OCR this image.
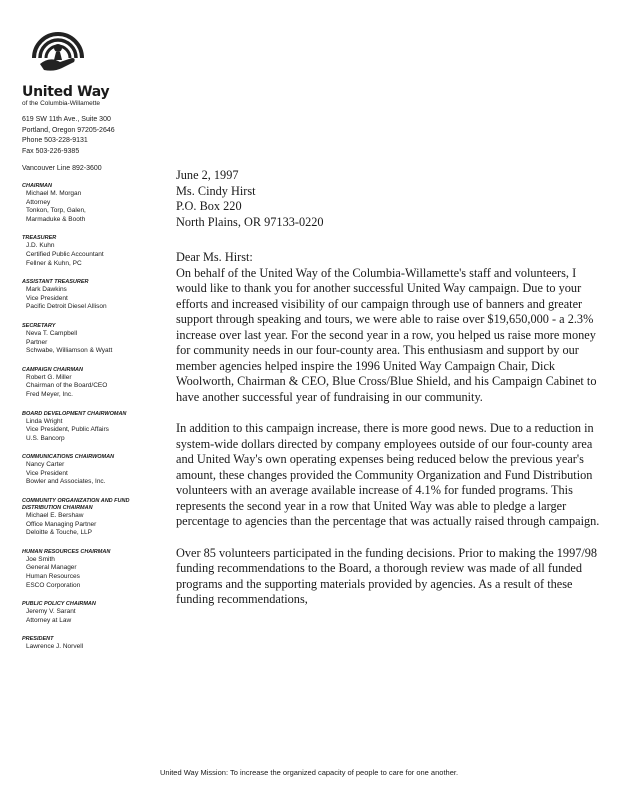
United Way
of the Columbia-Willamette
619 SW 11th Ave., Suite 300
Portland, Oregon 97205-2646
Phone 503-228-9131
Fax 503-226-9385
Vancouver Line 892-3600
CHAIRMAN
Michael M. Morgan
Attorney
Tonkon, Torp, Galen,
Marmaduke & Booth
TREASURER
J.D. Kuhn
Certified Public Accountant
Fellner & Kuhn, PC
ASSISTANT TREASURER
Mark Dawkins
Vice President
Pacific Detroit Diesel Allison
SECRETARY
Neva T. Campbell
Partner
Schwabe, Williamson & Wyatt
CAMPAIGN CHAIRMAN
Robert G. Miller
Chairman of the Board/CEO
Fred Meyer, Inc.
BOARD DEVELOPMENT CHAIRWOMAN
Linda Wright
Vice President, Public Affairs
U.S. Bancorp
COMMUNICATIONS CHAIRWOMAN
Nancy Carter
Vice President
Bowler and Associates, Inc.
COMMUNITY ORGANIZATION AND FUND DISTRIBUTION CHAIRMAN
Michael E. Bershaw
Office Managing Partner
Deloitte & Touche, LLP
HUMAN RESOURCES CHAIRMAN
Joe Smith
General Manager
Human Resources
ESCO Corporation
PUBLIC POLICY CHAIRMAN
Jeremy V. Sarant
Attorney at Law
PRESIDENT
Lawrence J. Norvell

June 2, 1997

Ms. Cindy Hirst

P.O. Box 220

North Plains, OR 97133-0220

Dear Ms. Hirst:

On behalf of the United Way of the Columbia-Willamette's staff and volunteers, I would like to thank you for another successful United Way campaign. Due to your efforts and increased visibility of our campaign through use of banners and greater support through speaking and tours, we were able to raise over $19,650,000 - a 2.3% increase over last year. For the second year in a row, you helped us raise more money for community needs in our four-county area. This enthusiasm and support by our member agencies helped inspire the 1996 United Way Campaign Chair, Dick Woolworth, Chairman & CEO, Blue Cross/Blue Shield, and his Campaign Cabinet to have another successful year of fundraising in our community.

In addition to this campaign increase, there is more good news. Due to a reduction in system-wide dollars directed by company employees outside of our four-county area and United Way's own operating expenses being reduced below the previous year's amount, these changes provided the Community Organization and Fund Distribution volunteers with an average available increase of 4.1% for funded programs. This represents the second year in a row that United Way was able to pledge a larger percentage to agencies than the percentage that was actually raised through campaign.

Over 85 volunteers participated in the funding decisions. Prior to making the 1997/98 funding recommendations to the Board, a thorough review was made of all funded programs and the supporting materials provided by agencies. As a result of these funding recommendations,

United Way Mission: To increase the organized capacity of people to care for one another.
